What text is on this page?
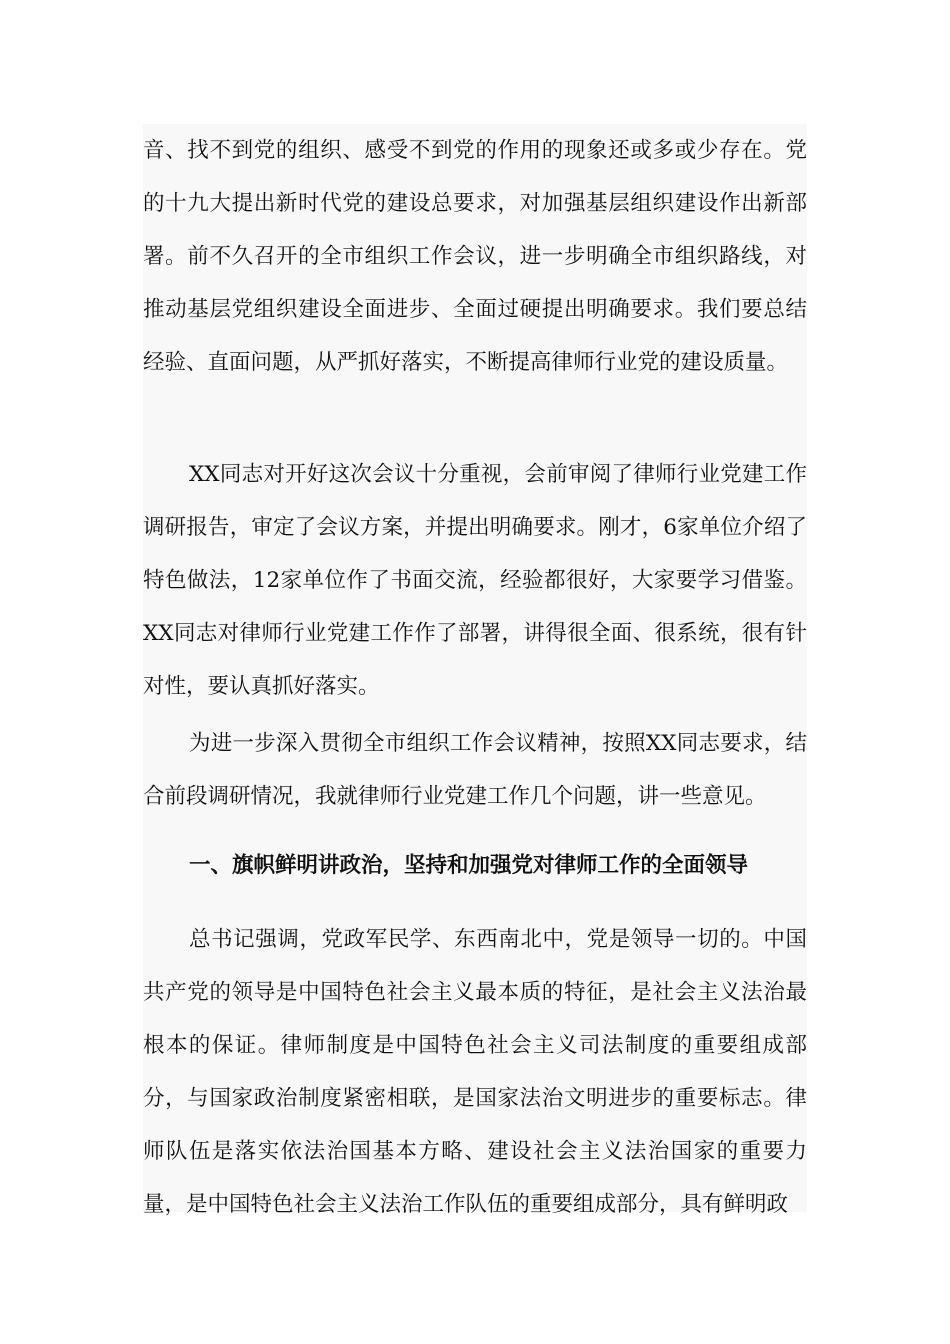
音、找不到党的组织、感受不到党的作用的现象还或多或少存在。党的十九大提出新时代党的建设总要求，对加强基层组织建设作出新部署。前不久召开的全市组织工作会议，进一步明确全市组织路线，对推动基层党组织建设全面进步、全面过硬提出明确要求。我们要总结经验、直面问题，从严抓好落实，不断提高律师行业党的建设质量。

XX同志对开好这次会议十分重视，会前审阅了律师行业党建工作调研报告，审定了会议方案，并提出明确要求。刚才，6家单位介绍了特色做法，12家单位作了书面交流，经验都很好，大家要学习借鉴。XX同志对律师行业党建工作作了部署，讲得很全面、很系统，很有针对性，要认真抓好落实。

为进一步深入贯彻全市组织工作会议精神，按照XX同志要求，结合前段调研情况，我就律师行业党建工作几个问题，讲一些意见。

一、旗帜鲜明讲政治，坚持和加强党对律师工作的全面领导

总书记强调，党政军民学、东西南北中，党是领导一切的。中国共产党的领导是中国特色社会主义最本质的特征，是社会主义法治最根本的保证。律师制度是中国特色社会主义司法制度的重要组成部分，与国家政治制度紧密相联，是国家法治文明进步的重要标志。律师队伍是落实依法治国基本方略、建设社会主义法治国家的重要力量，是中国特色社会主义法治工作队伍的重要组成部分，具有鲜明政
